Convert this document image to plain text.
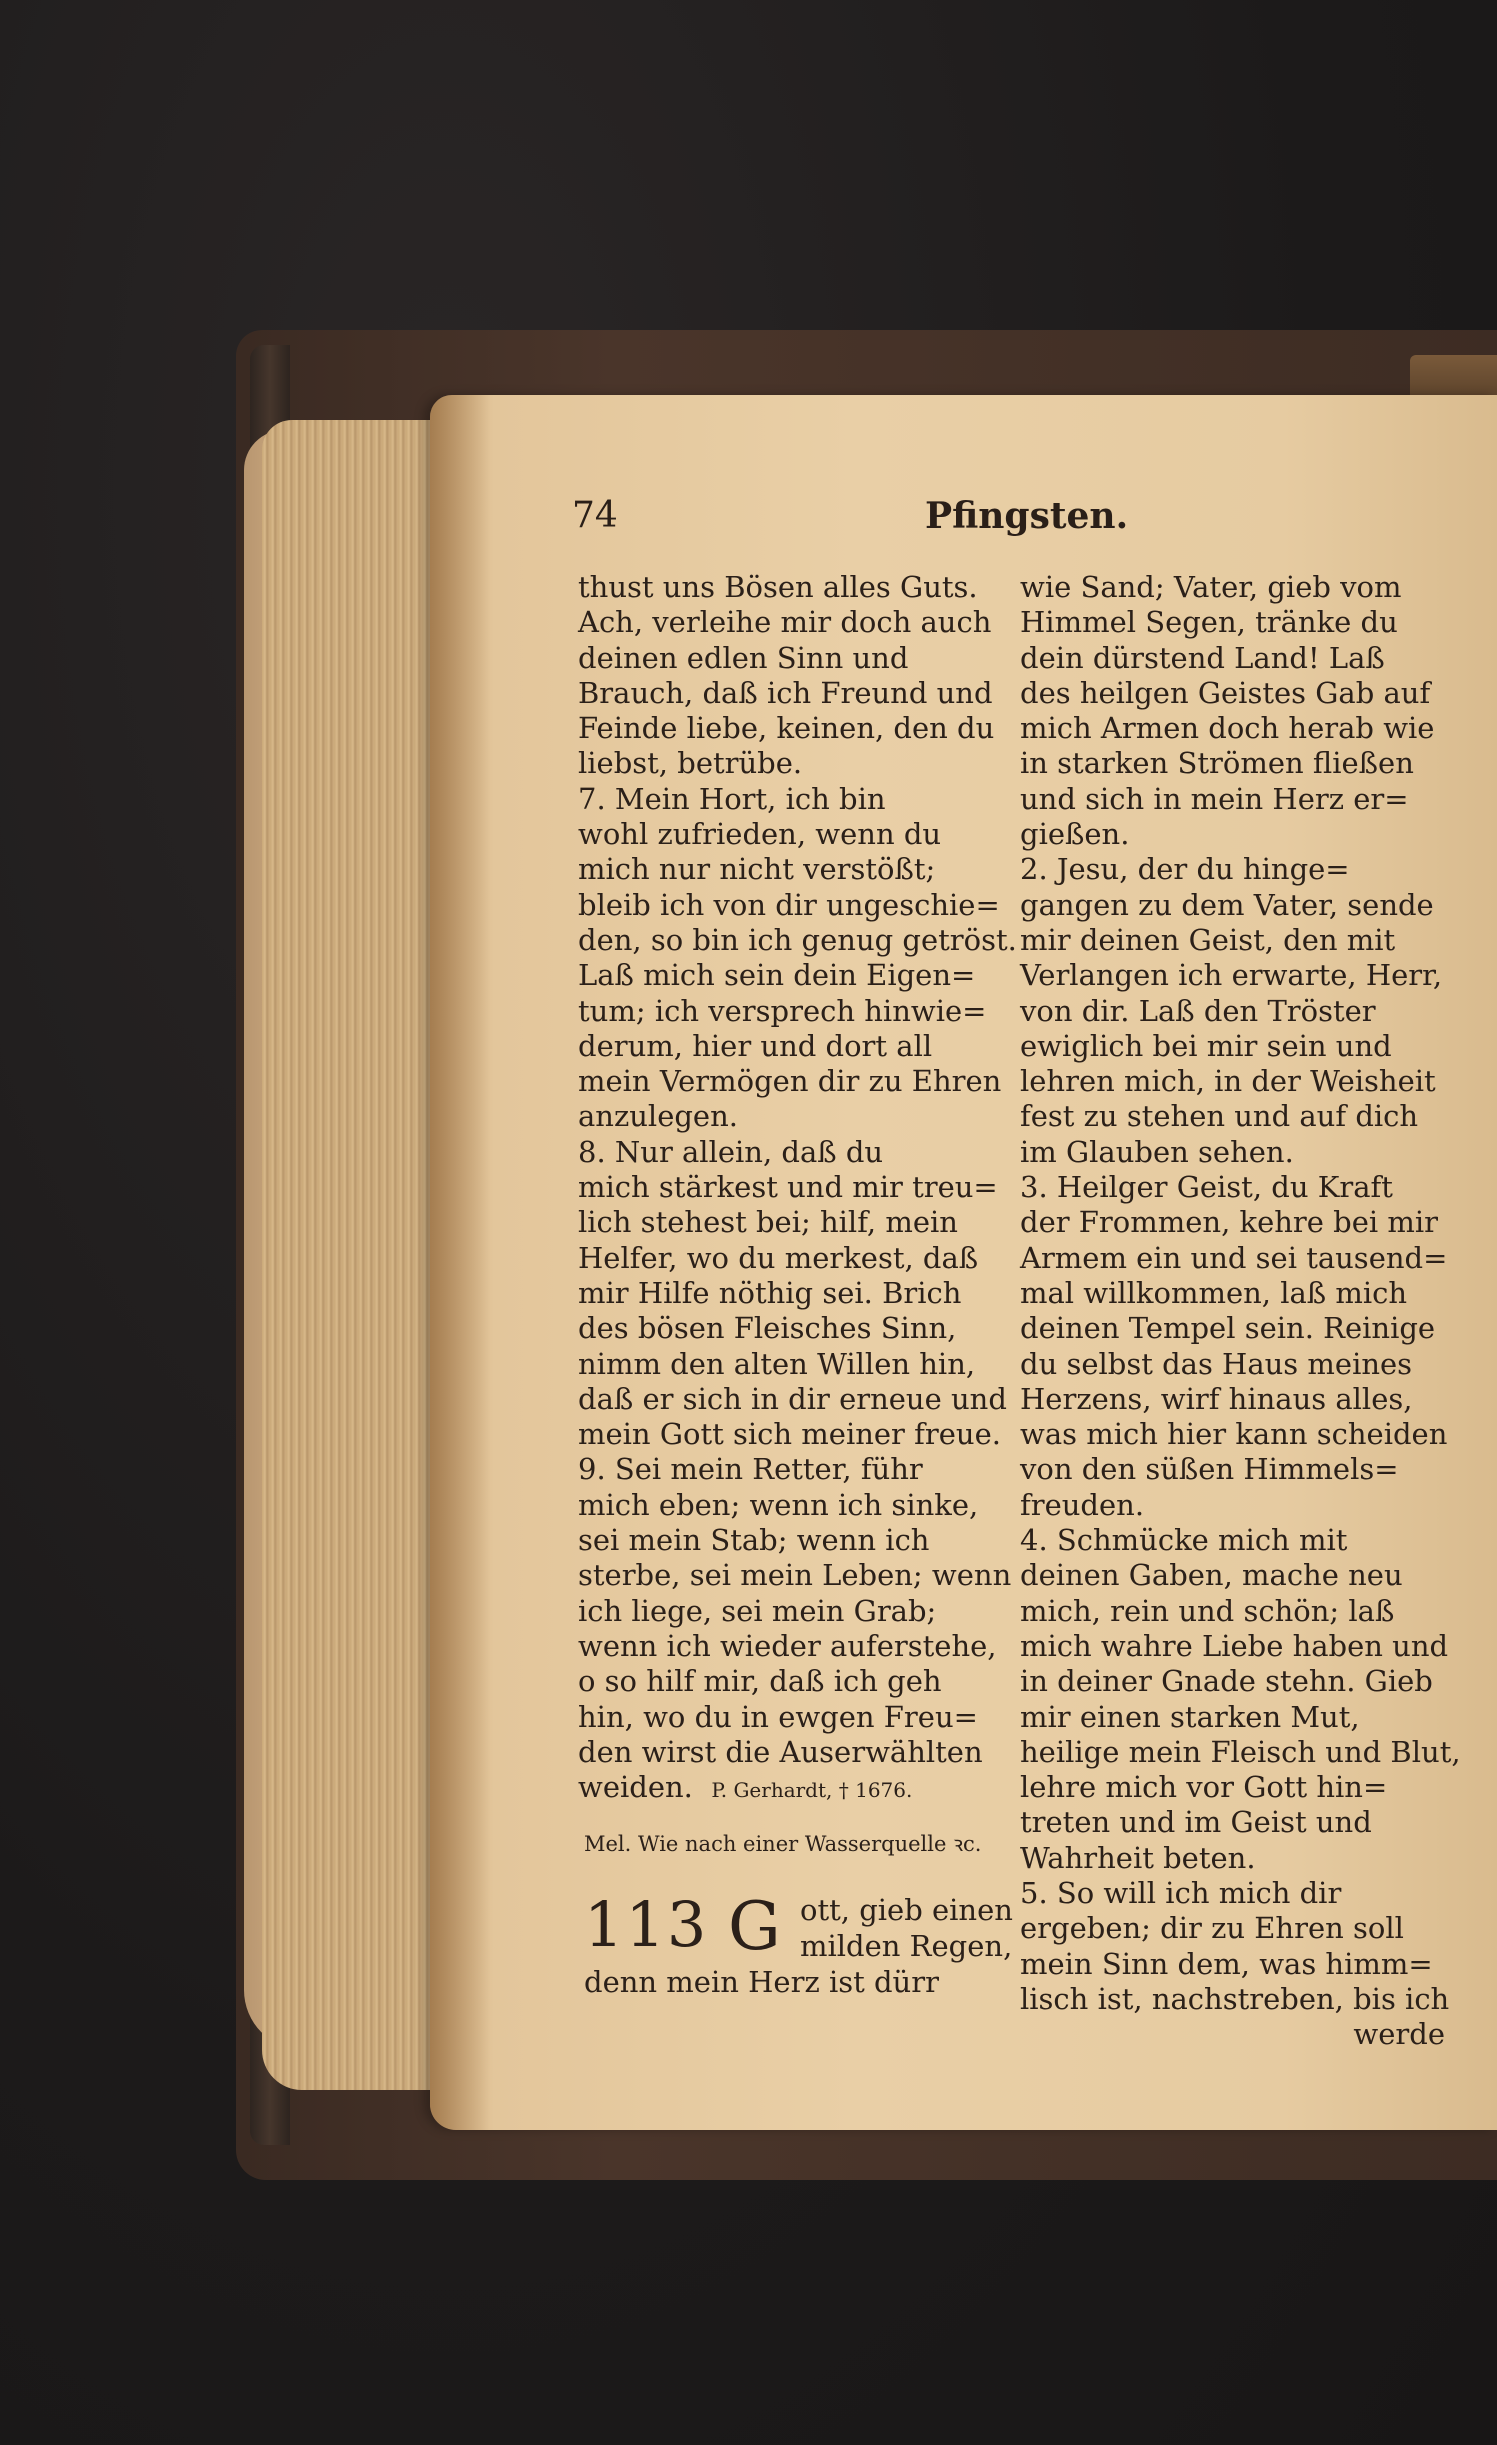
74	Pfingsten.
thust uns Bösen alles Guts.
Ach, verleihe mir doch auch
deinen edlen Sinn und
Brauch, daß ich Freund und
Feinde liebe, keinen, den du
liebst, betrübe.
7. Mein Hort, ich bin
wohl zufrieden, wenn du
mich nur nicht verstößt;
bleib ich von dir ungeschie=
den, so bin ich genug getröst.
Laß mich sein dein Eigen=
tum; ich versprech hinwie=
derum, hier und dort all
mein Vermögen dir zu Ehren
anzulegen.
8. Nur allein, daß du
mich stärkest und mir treu=
lich stehest bei; hilf, mein
Helfer, wo du merkest, daß
mir Hilfe nöthig sei. Brich
des bösen Fleisches Sinn,
nimm den alten Willen hin,
daß er sich in dir erneue und
mein Gott sich meiner freue.
9. Sei mein Retter, führ
mich eben; wenn ich sinke,
sei mein Stab; wenn ich
sterbe, sei mein Leben; wenn
ich liege, sei mein Grab;
wenn ich wieder auferstehe,
o so hilf mir, daß ich geh
hin, wo du in ewgen Freu=
den wirst die Auserwählten
weiden. P. Gerhardt, † 1676.
Mel. Wie nach einer Wasserquelle ꝛc.
113 G ott, gieb einen
milden Regen,
denn mein Herz ist dürr
wie Sand; Vater, gieb vom
Himmel Segen, tränke du
dein dürstend Land! Laß
des heilgen Geistes Gab auf
mich Armen doch herab wie
in starken Strömen fließen
und sich in mein Herz er=
gießen.
2. Jesu, der du hinge=
gangen zu dem Vater, sende
mir deinen Geist, den mit
Verlangen ich erwarte, Herr,
von dir. Laß den Tröster
ewiglich bei mir sein und
lehren mich, in der Weisheit
fest zu stehen und auf dich
im Glauben sehen.
3. Heilger Geist, du Kraft
der Frommen, kehre bei mir
Armem ein und sei tausend=
mal willkommen, laß mich
deinen Tempel sein. Reinige
du selbst das Haus meines
Herzens, wirf hinaus alles,
was mich hier kann scheiden
von den süßen Himmels=
freuden.
4. Schmücke mich mit
deinen Gaben, mache neu
mich, rein und schön; laß
mich wahre Liebe haben und
in deiner Gnade stehn. Gieb
mir einen starken Mut,
heilige mein Fleisch und Blut,
lehre mich vor Gott hin=
treten und im Geist und
Wahrheit beten.
5. So will ich mich dir
ergeben; dir zu Ehren soll
mein Sinn dem, was himm=
lisch ist, nachstreben, bis ich
werde
